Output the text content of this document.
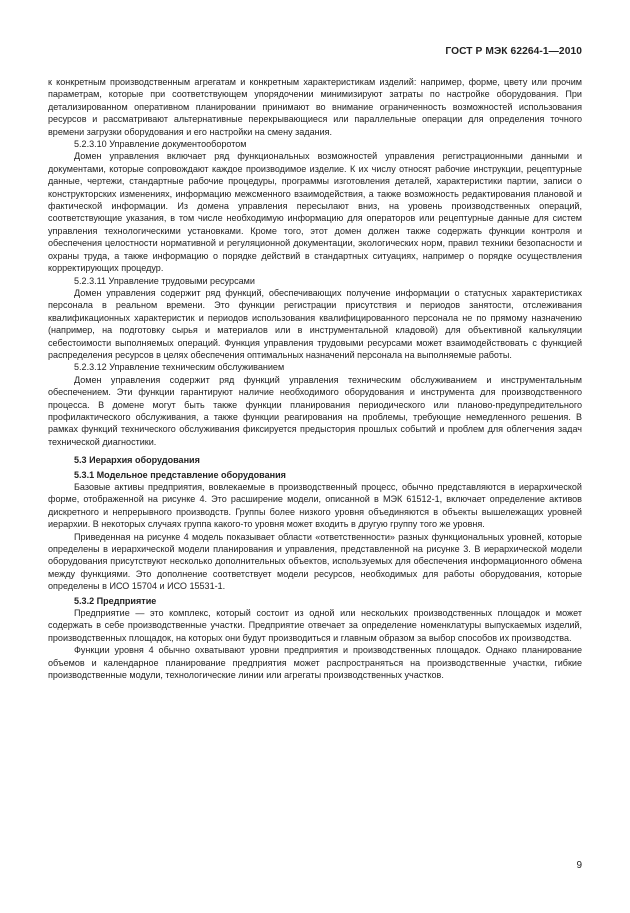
ГОСТ Р МЭК 62264-1—2010

к конкретным производственным агрегатам и конкретным характеристикам изделий: например, форме, цвету или прочим параметрам, которые при соответствующем упорядочении минимизируют затраты по настройке оборудования. При детализированном оперативном планировании принимают во внимание ограниченность возможностей использования ресурсов и рассматривают альтернативные перекрывающиеся или параллельные операции для определения точного времени загрузки оборудования и его настройки на смену задания.

5.2.3.10 Управление документооборотом

Домен управления включает ряд функциональных возможностей управления регистрационными данными и документами, которые сопровождают каждое производимое изделие. К их числу относят рабочие инструкции, рецептурные данные, чертежи, стандартные рабочие процедуры, программы изготовления деталей, характеристики партии, записи о конструкторских изменениях, информацию межсменного взаимодействия, а также возможность редактирования плановой и фактической информации. Из домена управления пересылают вниз, на уровень производственных операций, соответствующие указания, в том числе необходимую информацию для операторов или рецептурные данные для систем управления технологическими установками. Кроме того, этот домен должен также содержать функции контроля и обеспечения целостности нормативной и регуляционной документации, экологических норм, правил техники безопасности и охраны труда, а также информацию о порядке действий в стандартных ситуациях, например о порядке осуществления корректирующих процедур.

5.2.3.11 Управление трудовыми ресурсами

Домен управления содержит ряд функций, обеспечивающих получение информации о статусных характеристиках персонала в реальном времени. Это функции регистрации присутствия и периодов занятости, отслеживания квалификационных характеристик и периодов использования квалифицированного персонала не по прямому назначению (например, на подготовку сырья и материалов или в инструментальной кладовой) для объективной калькуляции себестоимости выполняемых операций. Функция управления трудовыми ресурсами может взаимодействовать с функцией распределения ресурсов в целях обеспечения оптимальных назначений персонала на выполняемые работы.

5.2.3.12 Управление техническим обслуживанием

Домен управления содержит ряд функций управления техническим обслуживанием и инструментальным обеспечением. Эти функции гарантируют наличие необходимого оборудования и инструмента для производственного процесса. В домене могут быть также функции планирования периодического или планово-предупредительного профилактического обслуживания, а также функции реагирования на проблемы, требующие немедленного решения. В рамках функций технического обслуживания фиксируется предыстория прошлых событий и проблем для облегчения задач технической диагностики.

5.3 Иерархия оборудования

5.3.1 Модельное представление оборудования

Базовые активы предприятия, вовлекаемые в производственный процесс, обычно представляются в иерархической форме, отображенной на рисунке 4. Это расширение модели, описанной в МЭК 61512-1, включает определение активов дискретного и непрерывного производств. Группы более низкого уровня объединяются в объекты вышележащих уровней иерархии. В некоторых случаях группа какого-то уровня может входить в другую группу того же уровня.

Приведенная на рисунке 4 модель показывает области «ответственности» разных функциональных уровней, которые определены в иерархической модели планирования и управления, представленной на рисунке 3. В иерархической модели оборудования присутствуют несколько дополнительных объектов, используемых для обеспечения информационного обмена между функциями. Это дополнение соответствует модели ресурсов, необходимых для работы оборудования, которые определены в ИСО 15704 и ИСО 15531-1.

5.3.2 Предприятие

Предприятие — это комплекс, который состоит из одной или нескольких производственных площадок и может содержать в себе производственные участки. Предприятие отвечает за определение номенклатуры выпускаемых изделий, производственных площадок, на которых они будут производиться и главным образом за выбор способов их производства.

Функции уровня 4 обычно охватывают уровни предприятия и производственных площадок. Однако планирование объемов и календарное планирование предприятия может распространяться на производственные участки, гибкие производственные модули, технологические линии или агрегаты производственных участков.

9
